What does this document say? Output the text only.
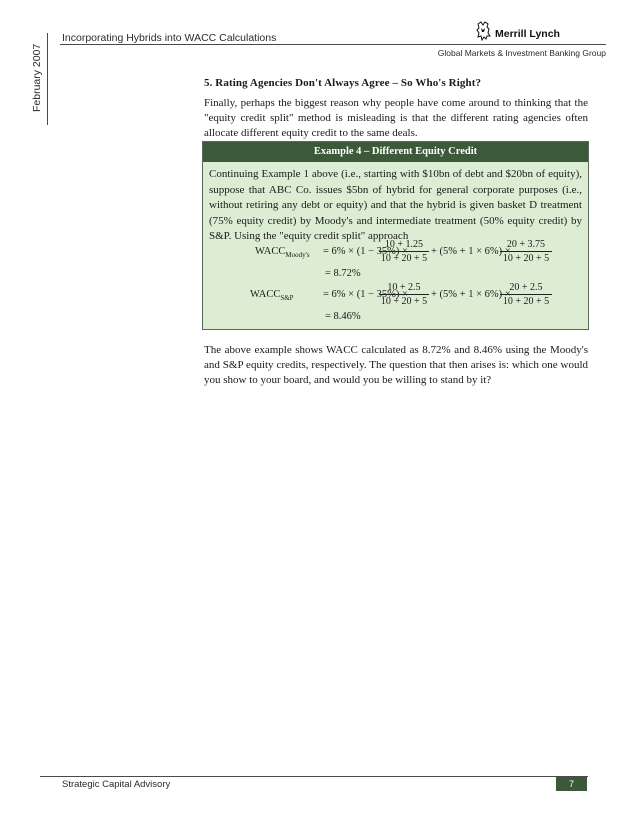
Incorporating Hybrids into WACC Calculations
February 2007
Merrill Lynch
Global Markets & Investment Banking Group
5. Rating Agencies Don't Always Agree – So Who's Right?
Finally, perhaps the biggest reason why people have come around to thinking that the "equity credit split" method is misleading is that the different rating agencies often allocate different equity credit to the same deals.
Example 4 – Different Equity Credit
Continuing Example 1 above (i.e., starting with $10bn of debt and $20bn of equity), suppose that ABC Co. issues $5bn of hybrid for general corporate purposes (i.e., without retiring any debt or equity) and that the hybrid is given basket D treatment (75% equity credit) by Moody's and intermediate treatment (50% equity credit) by S&P. Using the "equity credit split" approach
$WACC_{Moody's} = 6\% \times (1 - 35\%)$ ×
$\frac{10 + 1.25}{10 + 20 + 5} + (5\% + 1 \times 6\%)$ ×
$\frac{20 + 3.75}{10 + 20 + 5}$
= 8.72%
$WACC_{S\&P}$	= 6% × (1 − 35%) ×
$\frac{10 + 2.5}{10 + 20 + 5} + (5\% + 1 \times 6\%)$ ×
$\frac{20 + 2.5}{10 + 20 + 5}$
= 8.46%
The above example shows WACC calculated as 8.72% and 8.46% using the Moody's and S&P equity credits, respectively. The question that then arises is: which one would you show to your board, and would you be willing to stand by it?
Strategic Capital Advisory	7
